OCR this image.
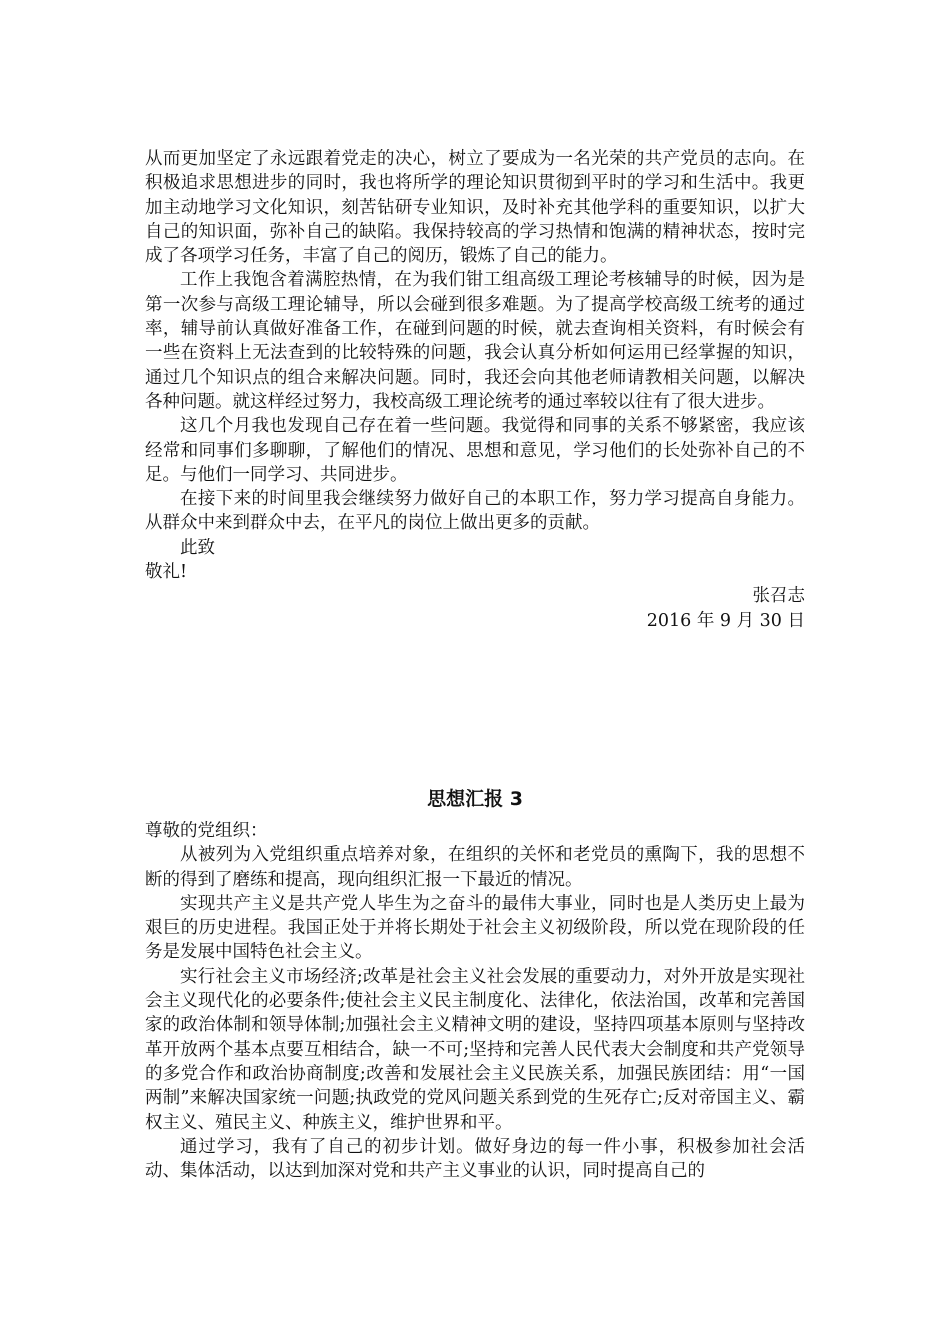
从而更加坚定了永远跟着党走的决心，树立了要成为一名光荣的共产党员的志向。在积极追求思想进步的同时，我也将所学的理论知识贯彻到平时的学习和生活中。我更加主动地学习文化知识，刻苦钻研专业知识，及时补充其他学科的重要知识，以扩大自己的知识面，弥补自己的缺陷。我保持较高的学习热情和饱满的精神状态，按时完成了各项学习任务，丰富了自己的阅历，锻炼了自己的能力。

工作上我饱含着满腔热情，在为我们钳工组高级工理论考核辅导的时候，因为是第一次参与高级工理论辅导，所以会碰到很多难题。为了提高学校高级工统考的通过率，辅导前认真做好准备工作，在碰到问题的时候，就去查询相关资料，有时候会有一些在资料上无法查到的比较特殊的问题，我会认真分析如何运用已经掌握的知识，通过几个知识点的组合来解决问题。同时，我还会向其他老师请教相关问题，以解决各种问题。就这样经过努力，我校高级工理论统考的通过率较以往有了很大进步。

这几个月我也发现自己存在着一些问题。我觉得和同事的关系不够紧密，我应该经常和同事们多聊聊，了解他们的情况、思想和意见，学习他们的长处弥补自己的不足。与他们一同学习、共同进步。

在接下来的时间里我会继续努力做好自己的本职工作，努力学习提高自身能力。从群众中来到群众中去，在平凡的岗位上做出更多的贡献。

此致

敬礼!

张召志

2016 年 9 月 30 日

思想汇报 3

尊敬的党组织：

从被列为入党组织重点培养对象，在组织的关怀和老党员的熏陶下，我的思想不断的得到了磨练和提高，现向组织汇报一下最近的情况。

实现共产主义是共产党人毕生为之奋斗的最伟大事业，同时也是人类历史上最为艰巨的历史进程。我国正处于并将长期处于社会主义初级阶段，所以党在现阶段的任务是发展中国特色社会主义。

实行社会主义市场经济;改革是社会主义社会发展的重要动力，对外开放是实现社会主义现代化的必要条件;使社会主义民主制度化、法律化，依法治国，改革和完善国家的政治体制和领导体制;加强社会主义精神文明的建设，坚持四项基本原则与坚持改革开放两个基本点要互相结合，缺一不可;坚持和完善人民代表大会制度和共产党领导的多党合作和政治协商制度;改善和发展社会主义民族关系，加强民族团结：用“一国两制”来解决国家统一问题;执政党的党风问题关系到党的生死存亡;反对帝国主义、霸权主义、殖民主义、种族主义，维护世界和平。

通过学习，我有了自己的初步计划。做好身边的每一件小事，积极参加社会活动、集体活动，以达到加深对党和共产主义事业的认识，同时提高自己的
